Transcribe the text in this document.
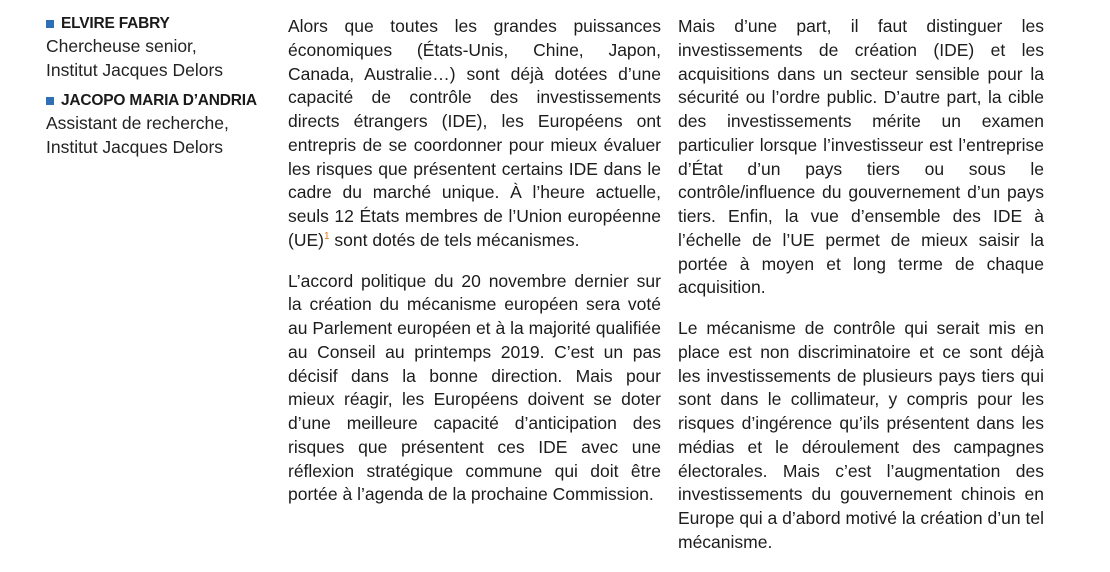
ELVIRE FABRY
Chercheuse senior,
Institut Jacques Delors
JACOPO MARIA D’ANDRIA
Assistant de recherche,
Institut Jacques Delors

Alors que toutes les grandes puissances économiques (États-Unis, Chine, Japon, Canada, Australie…) sont déjà dotées d’une capacité de contrôle des investissements directs étrangers (IDE), les Européens ont entrepris de se coordonner pour mieux évaluer les risques que présentent certains IDE dans le cadre du marché unique. À l’heure actuelle, seuls 12 États membres de l’Union européenne (UE)$^1$ sont dotés de tels mécanismes.

L’accord politique du 20 novembre dernier sur la création du mécanisme européen sera voté au Parlement européen et à la majorité qualifiée au Conseil au printemps 2019. C’est un pas décisif dans la bonne direction. Mais pour mieux réagir, les Européens doivent se doter d’une meilleure capacité d’anticipation des risques que présentent ces IDE avec une réflexion stratégique commune qui doit être portée à l’agenda de la prochaine Commission.

Mais d’une part, il faut distinguer les investissements de création (IDE) et les acquisitions dans un secteur sensible pour la sécurité ou l’ordre public. D’autre part, la cible des investissements mérite un examen particulier lorsque l’investisseur est l’entreprise d’État d’un pays tiers ou sous le contrôle/influence du gouvernement d’un pays tiers. Enfin, la vue d’ensemble des IDE à l’échelle de l’UE permet de mieux saisir la portée à moyen et long terme de chaque acquisition.

Le mécanisme de contrôle qui serait mis en place est non discriminatoire et ce sont déjà les investissements de plusieurs pays tiers qui sont dans le collimateur, y compris pour les risques d’ingérence qu’ils présentent dans les médias et le déroulement des campagnes électorales. Mais c’est l’augmentation des investissements du gouvernement chinois en Europe qui a d’abord motivé la création d’un tel mécanisme.
